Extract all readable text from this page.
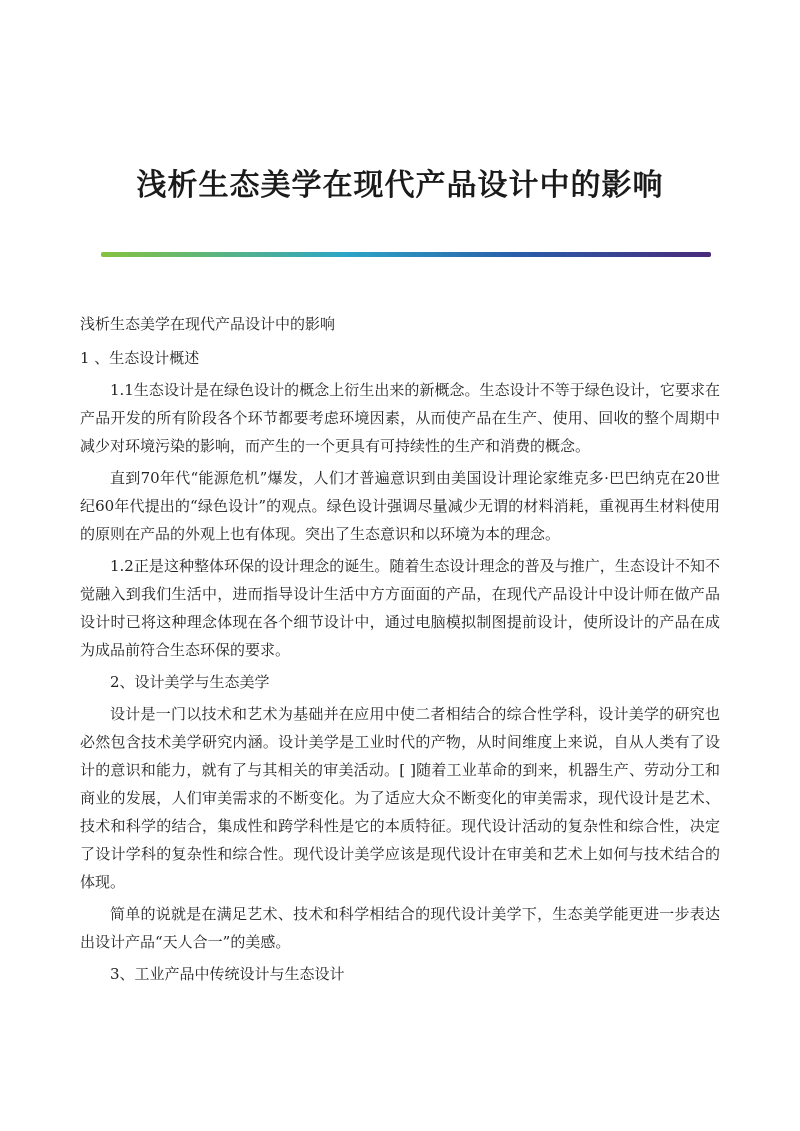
浅析生态美学在现代产品设计中的影响

浅析生态美学在现代产品设计中的影响

1 、生态设计概述

1.1生态设计是在绿色设计的概念上衍生出来的新概念。生态设计不等于绿色设计，它要求在产品开发的所有阶段各个环节都要考虑环境因素，从而使产品在生产、使用、回收的整个周期中减少对环境污染的影响，而产生的一个更具有可持续性的生产和消费的概念。

直到70年代“能源危机”爆发，人们才普遍意识到由美国设计理论家维克多·巴巴纳克在20世纪60年代提出的“绿色设计”的观点。绿色设计强调尽量减少无谓的材料消耗，重视再生材料使用的原则在产品的外观上也有体现。突出了生态意识和以环境为本的理念。

1.2正是这种整体环保的设计理念的诞生。随着生态设计理念的普及与推广，生态设计不知不觉融入到我们生活中，进而指导设计生活中方方面面的产品，在现代产品设计中设计师在做产品设计时已将这种理念体现在各个细节设计中，通过电脑模拟制图提前设计，使所设计的产品在成为成品前符合生态环保的要求。

2、设计美学与生态美学

设计是一门以技术和艺术为基础并在应用中使二者相结合的综合性学科，设计美学的研究也必然包含技术美学研究内涵。设计美学是工业时代的产物，从时间维度上来说，自从人类有了设计的意识和能力，就有了与其相关的审美活动。[ ]随着工业革命的到来，机器生产、劳动分工和商业的发展，人们审美需求的不断变化。为了适应大众不断变化的审美需求，现代设计是艺术、技术和科学的结合，集成性和跨学科性是它的本质特征。现代设计活动的复杂性和综合性，决定了设计学科的复杂性和综合性。现代设计美学应该是现代设计在审美和艺术上如何与技术结合的体现。

简单的说就是在满足艺术、技术和科学相结合的现代设计美学下，生态美学能更进一步表达出设计产品“天人合一”的美感。

3、工业产品中传统设计与生态设计
